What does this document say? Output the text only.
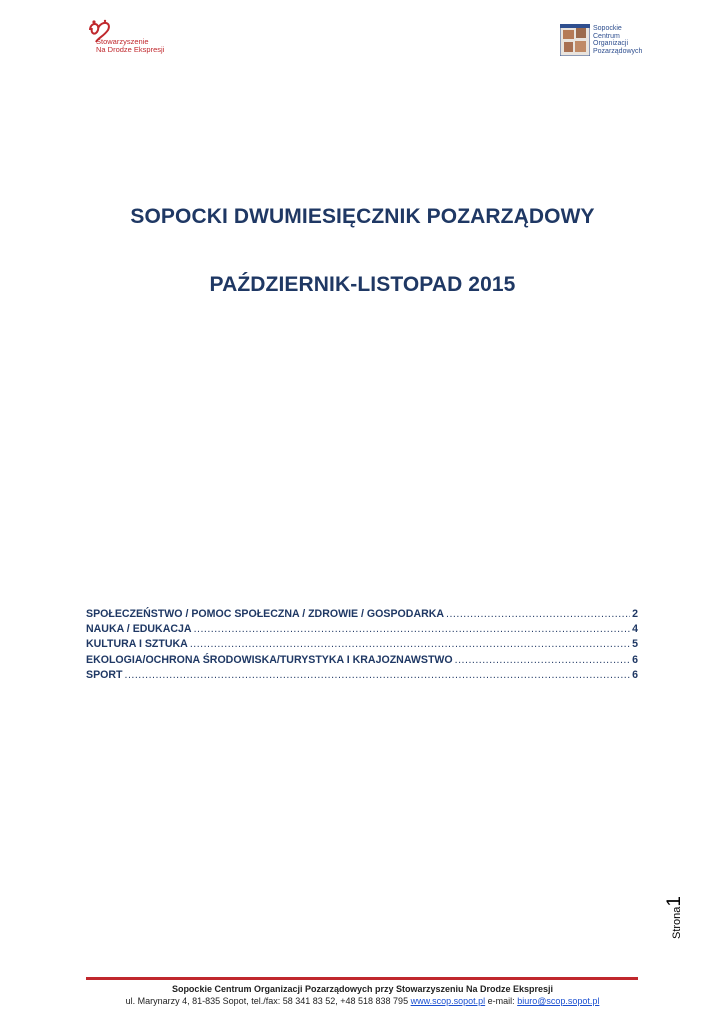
Stowarzyszenie
Na Drodze Ekspresji
Sopockie
Centrum
Organizacji
Pozarządowych
SOPOCKI DWUMIESIĘCZNIK POZARZĄDOWY
PAŹDZIERNIK-LISTOPAD 2015
SPOŁECZEŃSTWO / POMOC SPOŁECZNA / ZDROWIE / GOSPODARKA .....	2
NAUKA / EDUKACJA .....	4
KULTURA I SZTUKA .....	5
EKOLOGIA/OCHRONA ŚRODOWISKA/TURYSTYKA I KRAJOZNAWSTWO .....	6
SPORT .....	6
Strona1
Sopockie Centrum Organizacji Pozarządowych przy Stowarzyszeniu Na Drodze Ekspresji
ul. Marynarzy 4, 81-835 Sopot, tel./fax: 58 341 83 52, +48 518 838 795 www.scop.sopot.pl e-mail: biuro@scop.sopot.pl
